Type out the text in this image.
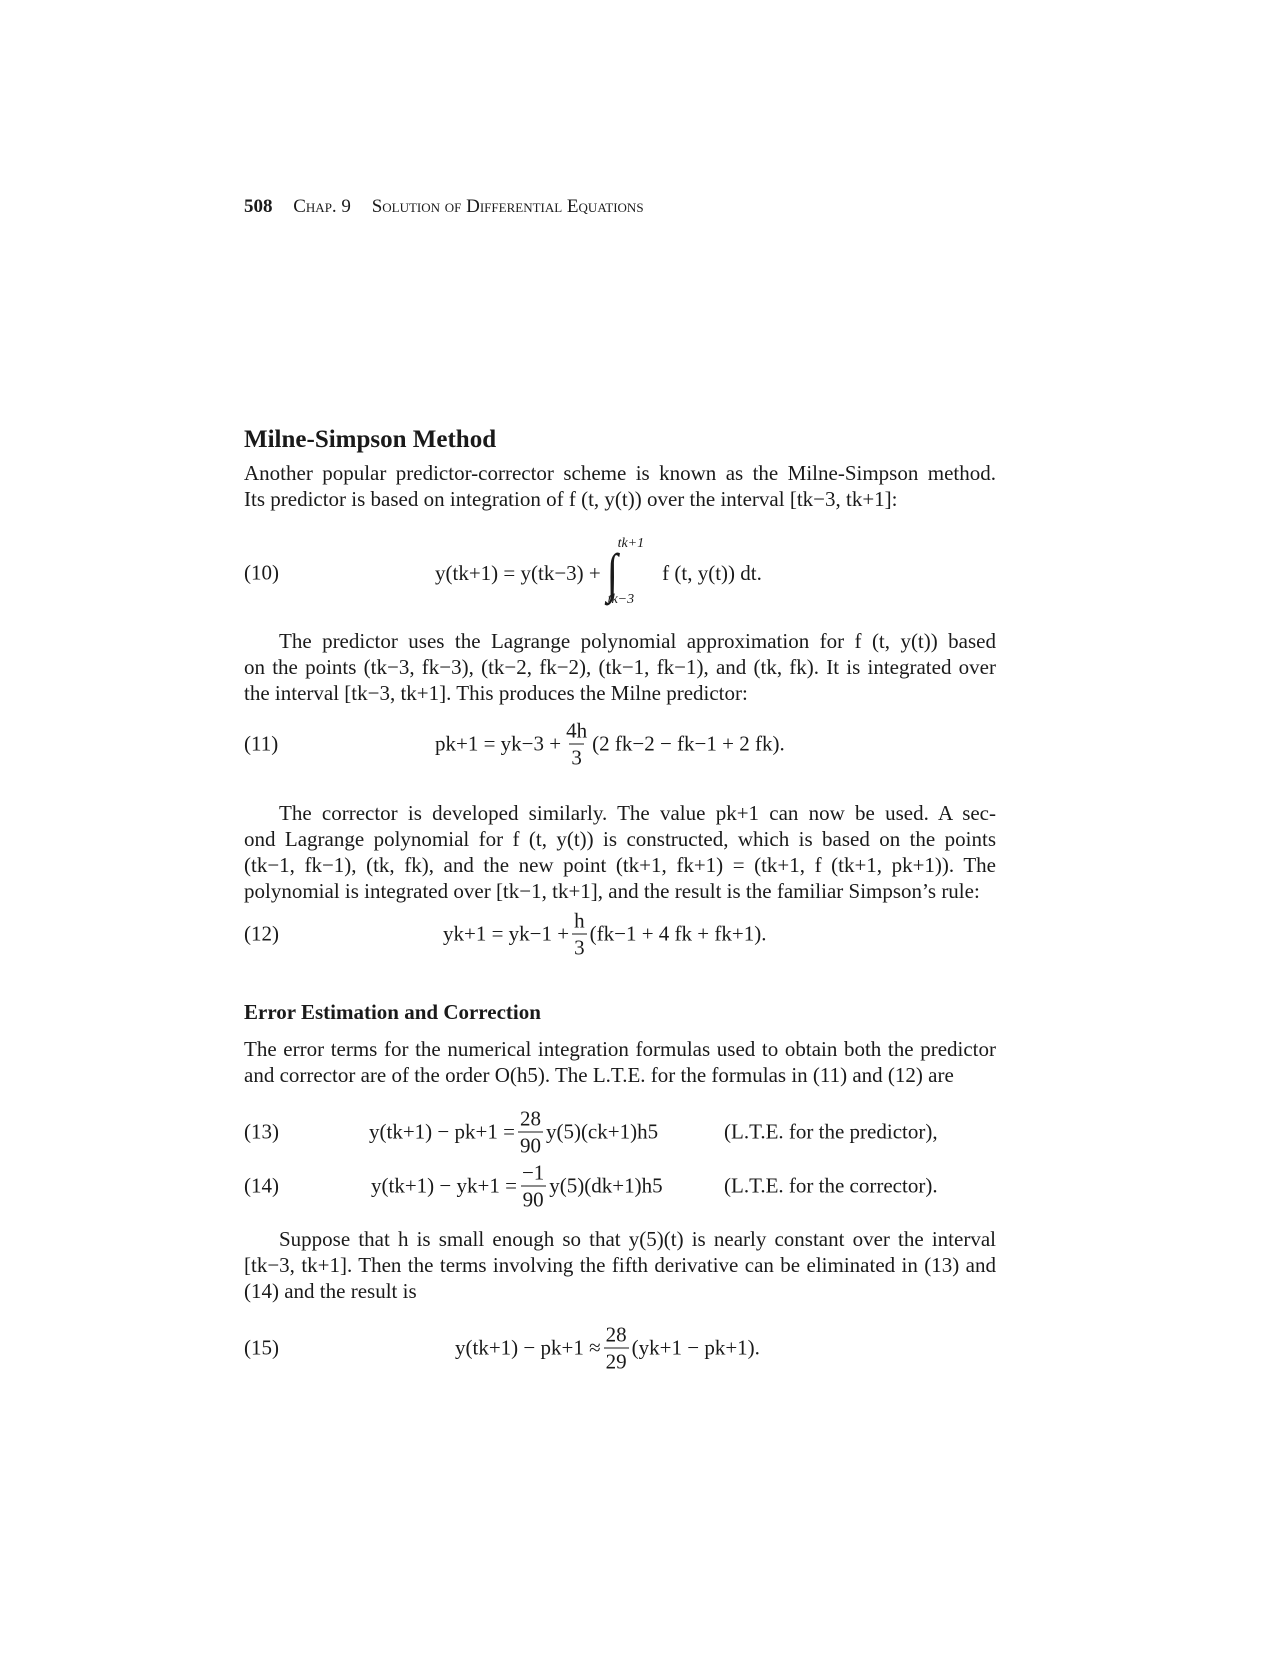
508 Chap. 9 Solution of Differential Equations
Milne-Simpson Method
Another popular predictor-corrector scheme is known as the Milne-Simpson method.
Its predictor is based on integration of f (t, y(t)) over the interval [tk−3, tk+1]:
(10)	y(tk+1) = y(tk−3) + ∫ tk+1
tk−3
f (t, y(t)) dt.
The predictor uses the Lagrange polynomial approximation for f (t, y(t)) based
on the points (tk−3, fk−3), (tk−2, fk−2), (tk−1, fk−1), and (tk, fk). It is integrated over
the interval [tk−3, tk+1]. This produces the Milne predictor:
(11)	$pk+1 = yk-3 + \frac{4h}{3} (2$ fk−2 − fk−1 + 2 fk).
The corrector is developed similarly. The value pk+1 can now be used. A sec-
ond Lagrange polynomial for f (t, y(t)) is constructed, which is based on the points
(tk−1, fk−1), (tk, fk), and the new point (tk+1, fk+1) = (tk+1, f (tk+1, pk+1)). The
polynomial is integrated over [tk−1, tk+1], and the result is the familiar Simpson’s rule:
(12)	$yk+1 = yk-1 + \frac{h}{3} (fk-1 + 4$ fk + fk+1).
Error Estimation and Correction
The error terms for the numerical integration formulas used to obtain both the predictor
and corrector are of the order O(h5). The L.T.E. for the formulas in (11) and (12) are
(13)	$y(tk+1) - pk+1 = \frac{28}{90} y(5)(ck+1)h5$	(L.T.E. for the predictor),
(14)	$y(tk+1) - yk+1 = \frac{-1}{90} y(5)(dk+1)h5$	(L.T.E. for the corrector).
Suppose that h is small enough so that y(5)(t) is nearly constant over the interval
[tk−3, tk+1]. Then the terms involving the fifth derivative can be eliminated in (13) and
(14) and the result is
(15)	$y(tk+1) - pk+1 \approx \frac{28}{29} (yk+1 - pk+1)$.
